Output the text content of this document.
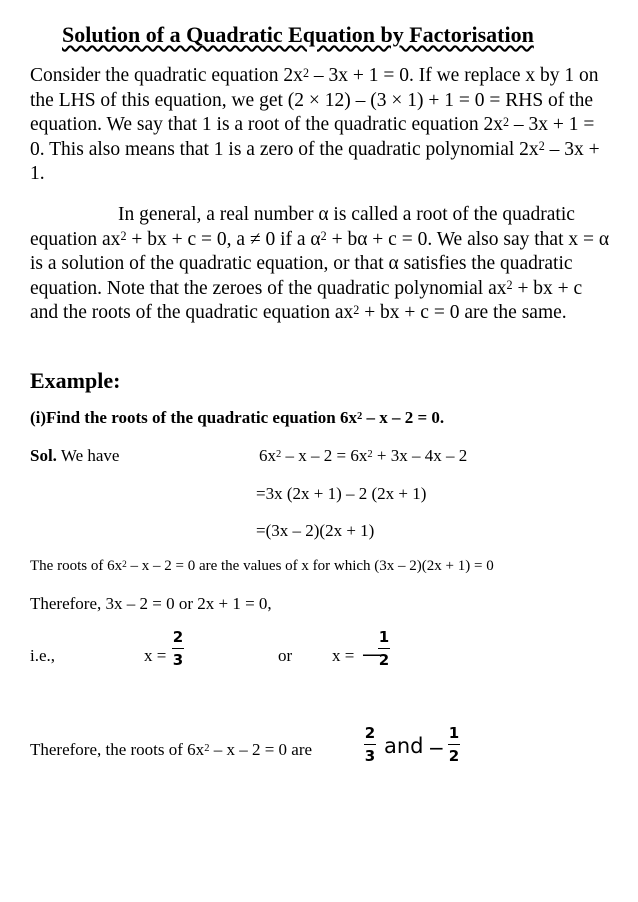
Solution of a Quadratic Equation by Factorisation
Consider the quadratic equation $2x^2 - 3x + 1 = 0$. If we replace x by 1 on the LHS of this equation, we get (2 × 12) – (3 × 1) + 1 = 0 = RHS of the equation. We say that 1 is a root of the quadratic equation $2x^2 - 3x + 1 = 0$. This also means that 1 is a zero of the quadratic polynomial $2x^2 - 3x + 1$.
In general, a real number α is called a root of the quadratic equation $ax^2$ + bx + c = 0, a ≠ 0 if a $\alpha^2 + b\alpha + c = 0$. We also say that x = α is a solution of the quadratic equation, or that α satisfies the quadratic equation. Note that the zeroes of the quadratic polynomial $ax^2$ + bx + c and the roots of the quadratic equation $ax^2$ + bx + c = 0 are the same.
Example:
(i)Find the roots of the quadratic equation $6x^2 - x - 2 = 0$.
Sol. We have	$6x^2 - x - 2 = 6x^2 + 3x - 4x - 2$
=3x (2x + 1) – 2 (2x + 1)
=(3x – 2)(2x + 1)
The roots of $6x^2 - x - 2 = 0$ are the values of x for which (3x – 2)(2x + 1) = 0
Therefore, 3x – 2 = 0 or 2x + 1 = 0,
i.e.,	x =
2
3	or x = —
1
2
Therefore, the roots of $6x^2 - x - 2 = 0$ are
2
3 and −
1
2
